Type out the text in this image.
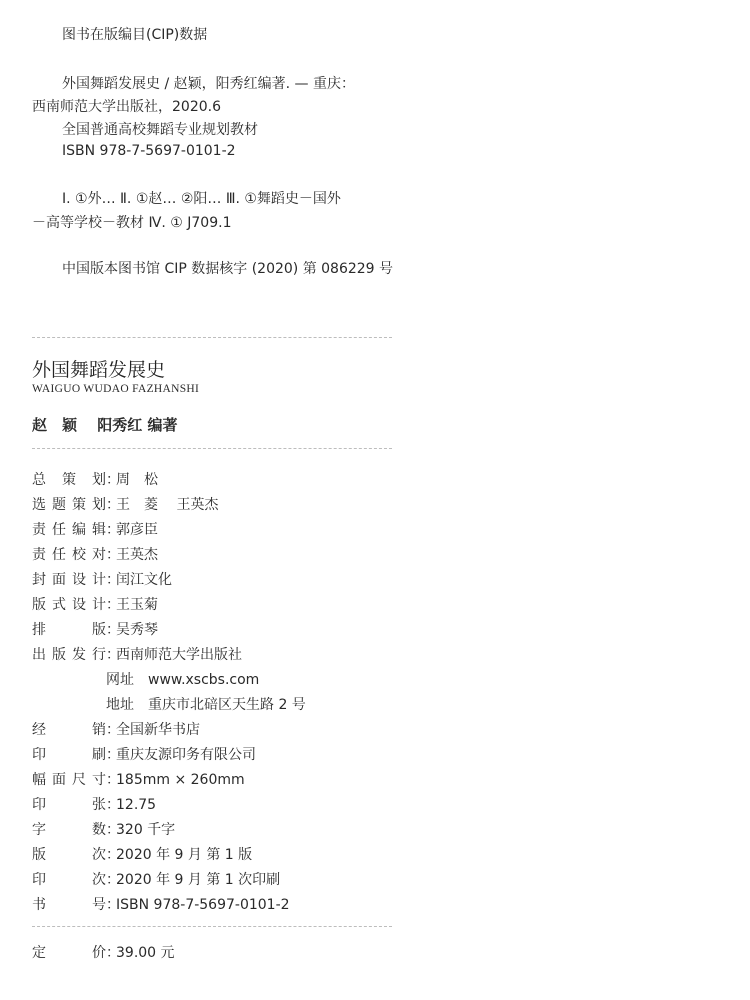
图书在版编目(CIP)数据
外国舞蹈发展史 / 赵颖，阳秀红编著. — 重庆：
西南师范大学出版社，2020.6
全国普通高校舞蹈专业规划教材
ISBN 978-7-5697-0101-2
Ⅰ. ①外… Ⅱ. ①赵… ②阳… Ⅲ. ①舞蹈史－国外
－高等学校－教材 Ⅳ. ① J709.1
中国版本图书馆 CIP 数据核字 (2020) 第 086229 号
外国舞蹈发展史
WAIGUO WUDAO FAZHANSHI
赵　颖　 阳秀红 编著
总策划：周　松
选题策划：王　菱　 王英杰
责任编辑：郭彦臣
责任校对：王英杰
封面设计：闰江文化
版式设计：王玉菊
排版：吴秀琴
出版发行：西南师范大学出版社
网址　www.xscbs.com
地址　重庆市北碚区天生路 2 号
经销：全国新华书店
印刷：重庆友源印务有限公司
幅面尺寸：185mm × 260mm
印张：12.75
字数：320 千字
版次：2020 年 9 月 第 1 版
印次：2020 年 9 月 第 1 次印刷
书号：ISBN 978-7-5697-0101-2
定价：39.00 元
